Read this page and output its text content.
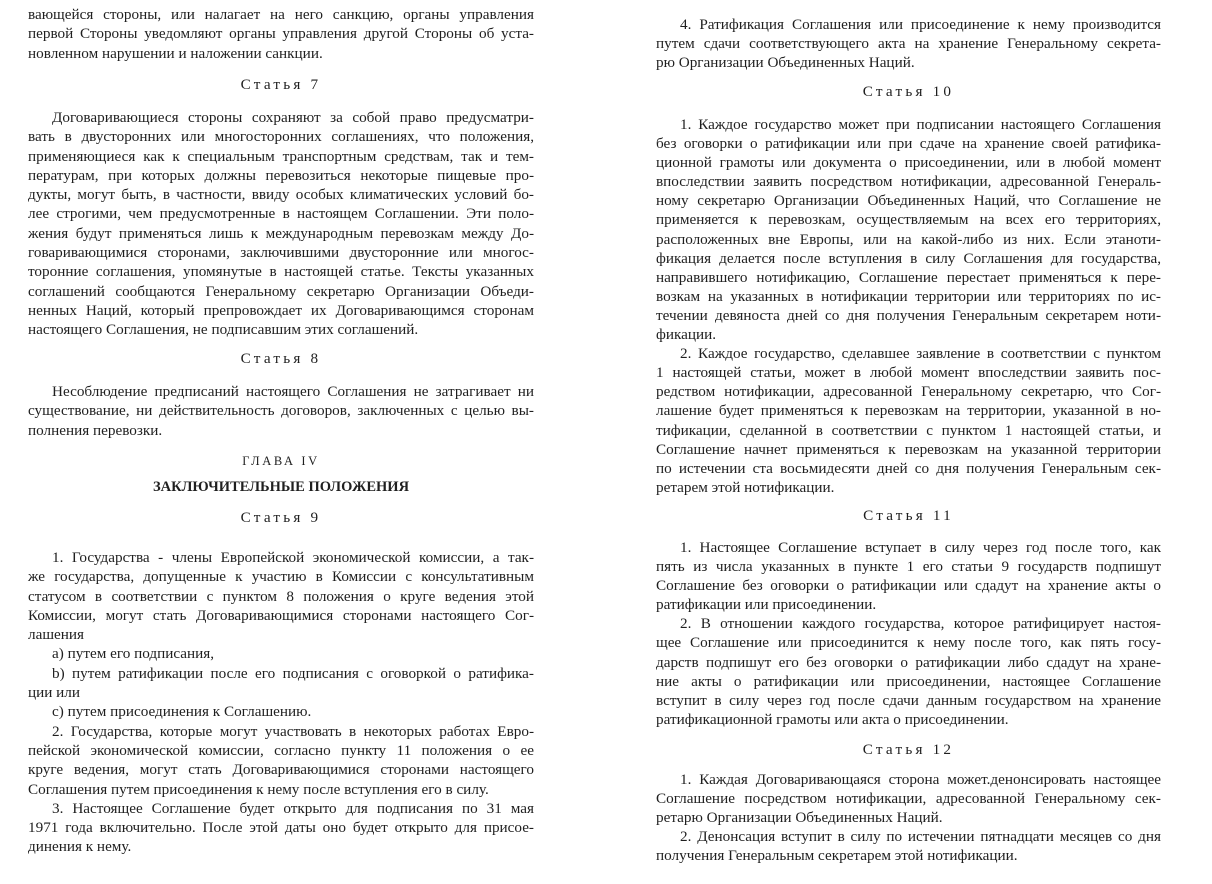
вающейся стороны, или налагает на него санкцию, органы управления
первой Стороны уведомляют органы управления другой Стороны об уста-
новленном нарушении и наложении санкции.
Статья 7
Договаривающиеся стороны сохраняют за собой право предусматри-
вать в двусторонних или многосторонних соглашениях, что положения,
применяющиеся как к специальным транспортным средствам, так и тем-
пературам, при которых должны перевозиться некоторые пищевые про-
дукты, могут быть, в частности, ввиду особых климатических условий бо-
лее строгими, чем предусмотренные в настоящем Соглашении. Эти поло-
жения будут применяться лишь к международным перевозкам между До-
говаривающимися сторонами, заключившими двусторонние или многос-
торонние соглашения, упомянутые в настоящей статье. Тексты указанных
соглашений сообщаются Генеральному секретарю Организации Объеди-
ненных Наций, который препровождает их Договаривающимся сторонам
настоящего Соглашения, не подписавшим этих соглашений.
Статья 8
Несоблюдение предписаний настоящего Соглашения не затрагивает ни
существование, ни действительность договоров, заключенных с целью вы-
полнения перевозки.
ГЛАВА IV
ЗАКЛЮЧИТЕЛЬНЫЕ ПОЛОЖЕНИЯ
Статья 9
1. Государства - члены Европейской экономической комиссии, а так-
же государства, допущенные к участию в Комиссии с консультативным
статусом в соответствии с пунктом 8 положения о круге ведения этой
Комиссии, могут стать Договаривающимися сторонами настоящего Сог-
лашения
a) путем его подписания,
b) путем ратификации после его подписания с оговоркой о ратифика-
ции или
c) путем присоединения к Соглашению.
2. Государства, которые могут участвовать в некоторых работах Евро-
пейской экономической комиссии, согласно пункту 11 положения о ее
круге ведения, могут стать Договаривающимися сторонами настоящего
Соглашения путем присоединения к нему после вступления его в силу.
3. Настоящее Соглашение будет открыто для подписания по 31 мая
1971 года включительно. После этой даты оно будет открыто для присое-
динения к нему.
4. Ратификация Соглашения или присоединение к нему производится
путем сдачи соответствующего акта на хранение Генеральному секрета-
рю Организации Объединенных Наций.
Статья 10
1. Каждое государство может при подписании настоящего Соглашения
без оговорки о ратификации или при сдаче на хранение своей ратифика-
ционной грамоты или документа о присоединении, или в любой момент
впоследствии заявить посредством нотификации, адресованной Генераль-
ному секретарю Организации Объединенных Наций, что Соглашение не
применяется к перевозкам, осуществляемым на всех его территориях,
расположенных вне Европы, или на какой-либо из них. Если этаноти-
фикация делается после вступления в силу Соглашения для государства,
направившего нотификацию, Соглашение перестает применяться к пере-
возкам на указанных в нотификации территории или территориях по ис-
течении девяноста дней со дня получения Генеральным секретарем ноти-
фикации.
2. Каждое государство, сделавшее заявление в соответствии с пунктом
1 настоящей статьи, может в любой момент впоследствии заявить пос-
редством нотификации, адресованной Генеральному секретарю, что Сог-
лашение будет применяться к перевозкам на территории, указанной в но-
тификации, сделанной в соответствии с пунктом 1 настоящей статьи, и
Соглашение начнет применяться к перевозкам на указанной территории
по истечении ста восьмидесяти дней со дня получения Генеральным сек-
ретарем этой нотификации.
Статья 11
1. Настоящее Соглашение вступает в силу через год после того, как
пять из числа указанных в пункте 1 его статьи 9 государств подпишут
Соглашение без оговорки о ратификации или сдадут на хранение акты о
ратификации или присоединении.
2. В отношении каждого государства, которое ратифицирует настоя-
щее Соглашение или присоединится к нему после того, как пять госу-
дарств подпишут его без оговорки о ратификации либо сдадут на хране-
ние акты о ратификации или присоединении, настоящее Соглашение
вступит в силу через год после сдачи данным государством на хранение
ратификационной грамоты или акта о присоединении.
Статья 12
1. Каждая Договаривающаяся сторона может.денонсировать настоящее
Соглашение посредством нотификации, адресованной Генеральному сек-
ретарю Организации Объединенных Наций.
2. Денонсация вступит в силу по истечении пятнадцати месяцев со дня
получения Генеральным секретарем этой нотификации.
